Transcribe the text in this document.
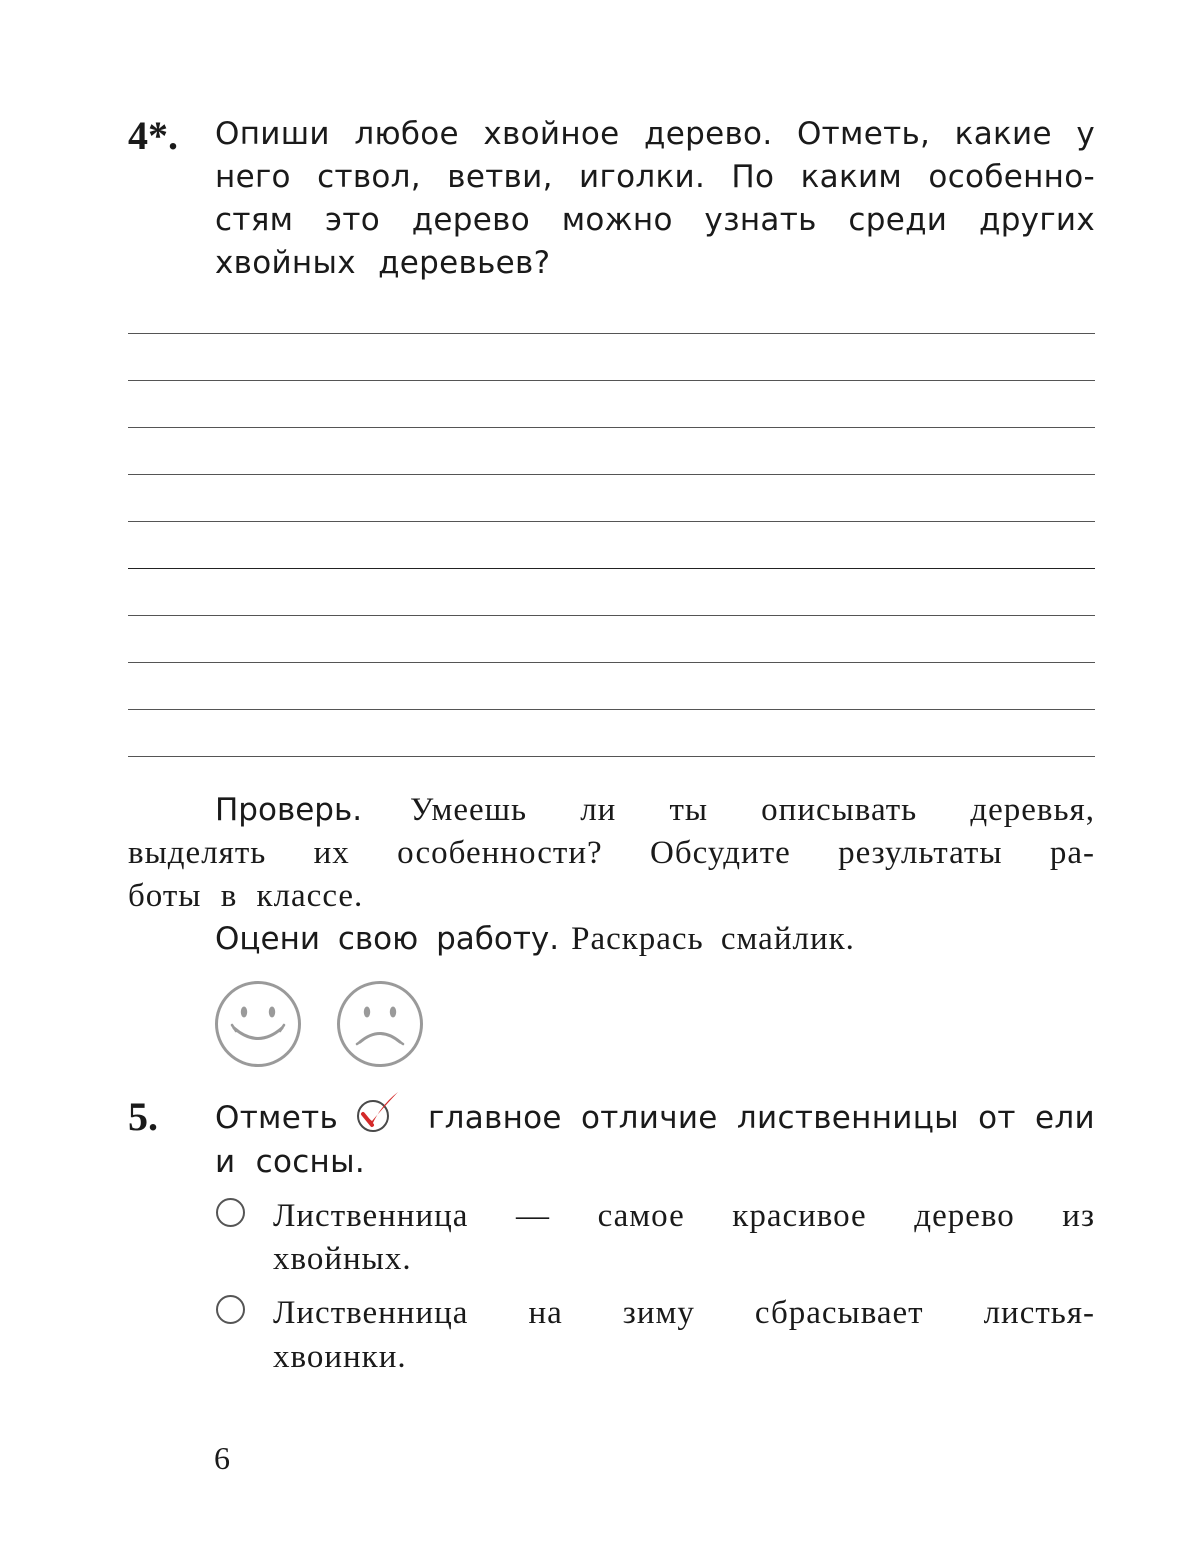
4*. Опиши любое хвойное дерево. Отметь, какие у
него ствол, ветви, иголки. По каким особенно-
стям это дерево можно узнать среди других
хвойных деревьев?
Проверь. Умеешь ли ты описывать деревья,
выделять их особенности? Обсудите результаты ра-
боты в классе.
Оцени свою работу. Раскрась смайлик.
5. Отметь	главное отличие лиственницы от ели
и сосны.
Лиственница — самое красивое дерево из
хвойных.
Лиственница на зиму сбрасывает листья-
хвоинки.
6
